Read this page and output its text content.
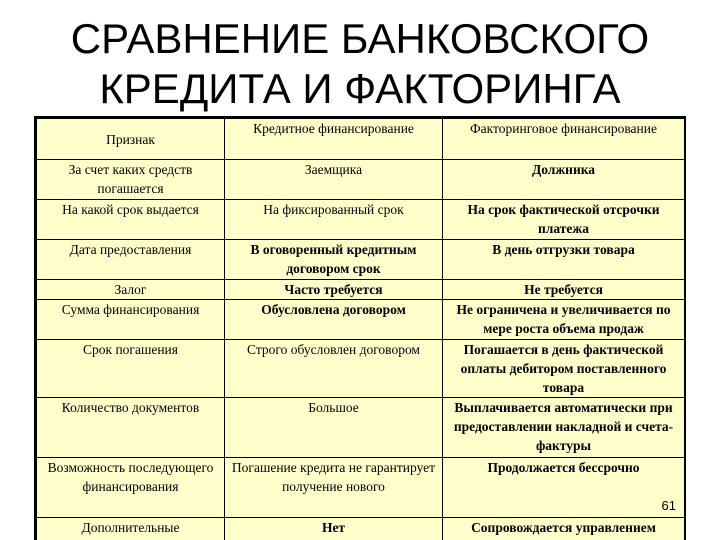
СРАВНЕНИЕ БАНКОВСКОГО
КРЕДИТА И ФАКТОРИНГА
Признак	Кредитное финансирование	Факторинговое финансирование
За счет каких средств погашается	Заемщика	Должника
На какой срок выдается	На фиксированный срок	На срок фактической отсрочки платежа
Дата предоставления	В оговоренный кредитным договором срок	В день отгрузки товара
Залог	Часто требуется	Не требуется
Сумма финансирования	Обусловлена договором	Не ограничена и увеличивается по мере роста объема продаж
Срок погашения	Строго обусловлен договором	Погашается в день фактической оплаты дебитором поставленного товара
Количество документов	Большое	Выплачивается автоматически при предоставлении накладной и счета-фактуры
Возможность последующего финансирования	Погашение кредита не гарантирует получение нового	Продолжается бессрочно
Дополнительные	Нет	Сопровождается управлением
61
